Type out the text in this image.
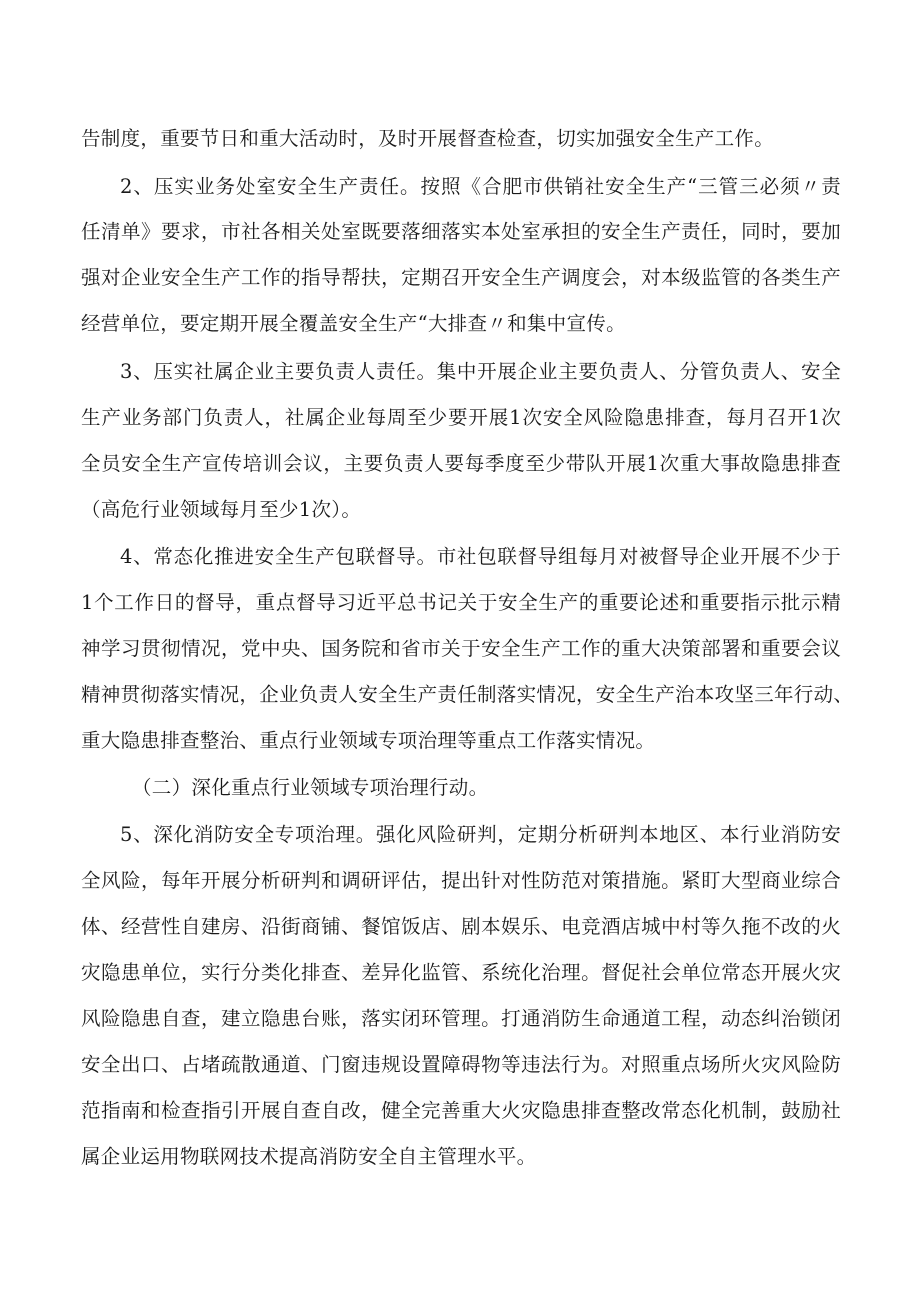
告制度，重要节日和重大活动时，及时开展督查检查，切实加强安全生产工作。
2、压实业务处室安全生产责任。按照《合肥市供销社安全生产“三管三必须〃责
任清单》要求，市社各相关处室既要落细落实本处室承担的安全生产责任，同时，要加
强对企业安全生产工作的指导帮扶，定期召开安全生产调度会，对本级监管的各类生产
经营单位，要定期开展全覆盖安全生产“大排查〃和集中宣传。
3、压实社属企业主要负责人责任。集中开展企业主要负责人、分管负责人、安全
生产业务部门负责人，社属企业每周至少要开展1次安全风险隐患排查，每月召开1次
全员安全生产宣传培训会议，主要负责人要每季度至少带队开展1次重大事故隐患排查
（高危行业领域每月至少1次）。
4、常态化推进安全生产包联督导。市社包联督导组每月对被督导企业开展不少于
1个工作日的督导，重点督导习近平总书记关于安全生产的重要论述和重要指示批示精
神学习贯彻情况，党中央、国务院和省市关于安全生产工作的重大决策部署和重要会议
精神贯彻落实情况，企业负责人安全生产责任制落实情况，安全生产治本攻坚三年行动、
重大隐患排查整治、重点行业领域专项治理等重点工作落实情况。
（二）深化重点行业领域专项治理行动。
5、深化消防安全专项治理。强化风险研判，定期分析研判本地区、本行业消防安
全风险，每年开展分析研判和调研评估，提出针对性防范对策措施。紧盯大型商业综合
体、经营性自建房、沿街商铺、餐馆饭店、剧本娱乐、电竞酒店城中村等久拖不改的火
灾隐患单位，实行分类化排查、差异化监管、系统化治理。督促社会单位常态开展火灾
风险隐患自查，建立隐患台账，落实闭环管理。打通消防生命通道工程，动态纠治锁闭
安全出口、占堵疏散通道、门窗违规设置障碍物等违法行为。对照重点场所火灾风险防
范指南和检查指引开展自查自改，健全完善重大火灾隐患排查整改常态化机制，鼓励社
属企业运用物联网技术提高消防安全自主管理水平。
